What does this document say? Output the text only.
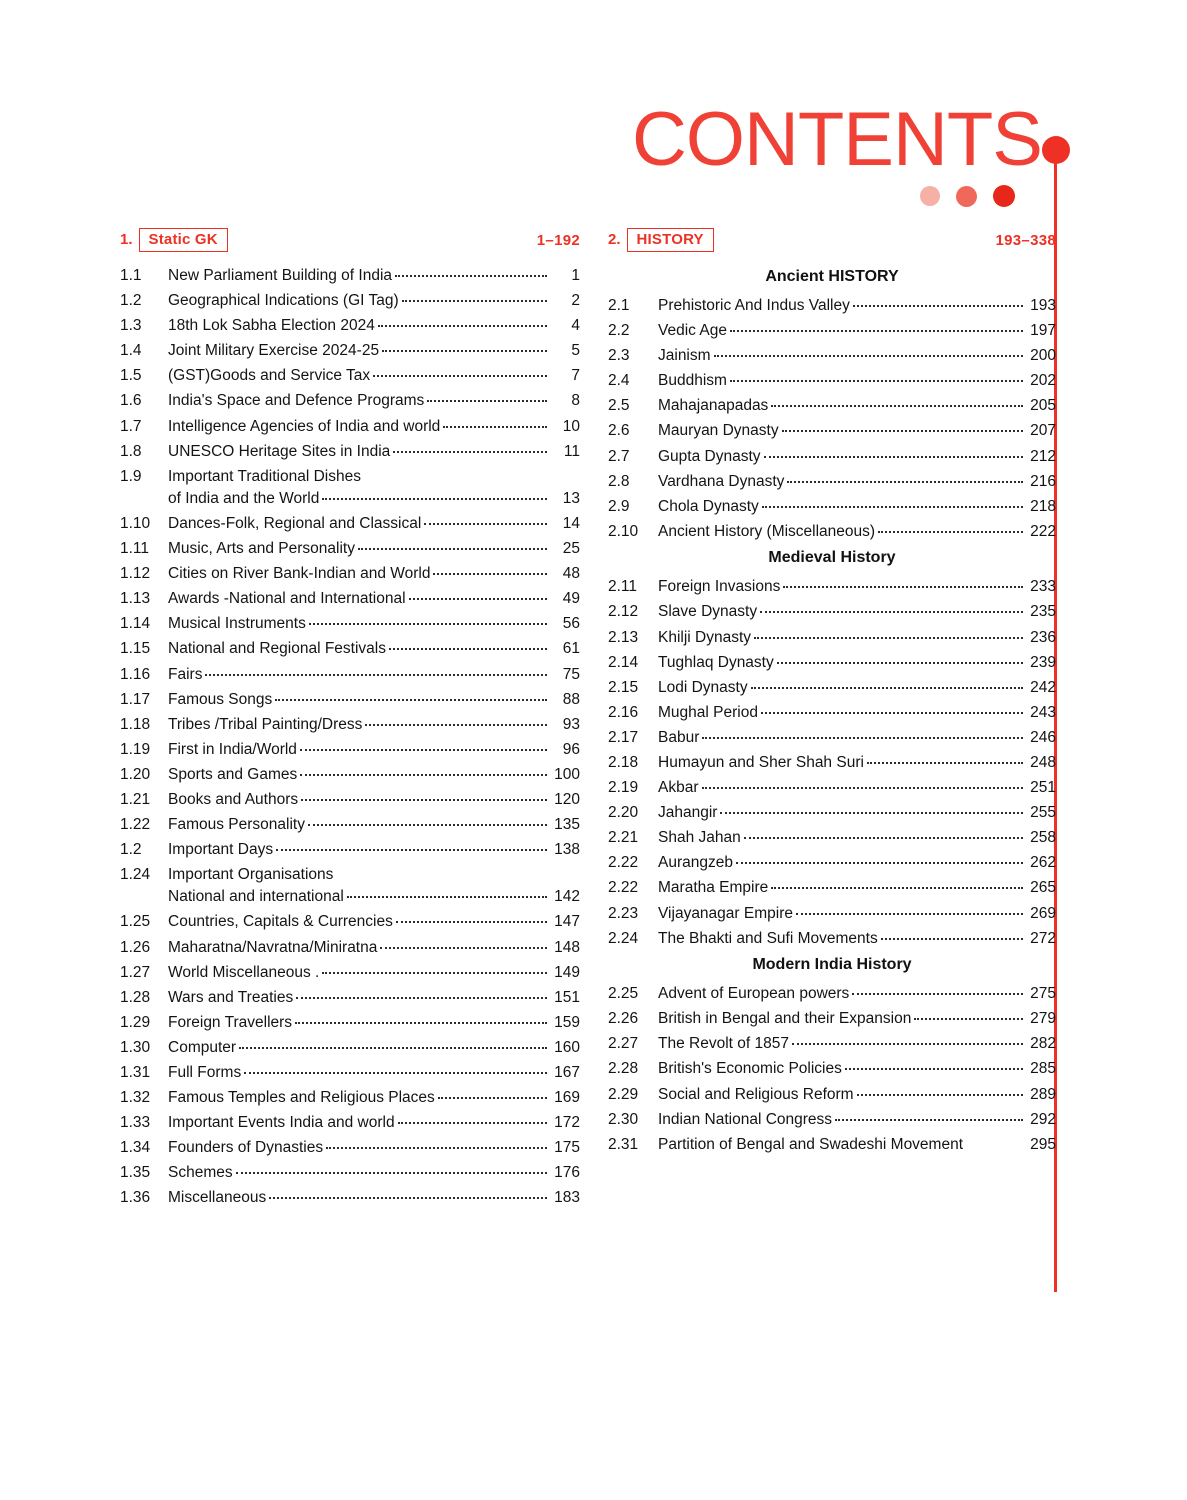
CONTENTS
1.	Static GK	1–192
1.1	New Parliament Building of India	1
1.2	Geographical Indications (GI Tag)	2
1.3	18th Lok Sabha Election 2024	4
1.4	Joint Military Exercise 2024-25	5
1.5	(GST)Goods and Service Tax	7
1.6	India's Space and Defence Programs	8
1.7	Intelligence Agencies of India and world	10
1.8	UNESCO Heritage Sites in India	11
1.9	Important Traditional Dishes
of India and the World	13
1.10	Dances-Folk, Regional and Classical	14
1.11	Music, Arts and Personality	25
1.12	Cities on River Bank-Indian and World	48
1.13	Awards -National and International	49
1.14	Musical Instruments	56
1.15	National and Regional Festivals	61
1.16	Fairs	75
1.17	Famous Songs	88
1.18	Tribes /Tribal Painting/Dress	93
1.19	First in India/World	96
1.20	Sports and Games	100
1.21	Books and Authors	120
1.22	Famous Personality	135
1.2	Important Days	138
1.24	Important Organisations
National and international	142
1.25	Countries, Capitals & Currencies	147
1.26	Maharatna/Navratna/Miniratna	148
1.27	World Miscellaneous .	149
1.28	Wars and Treaties	151
1.29	Foreign Travellers	159
1.30	Computer	160
1.31	Full Forms	167
1.32	Famous Temples and Religious Places	169
1.33	Important Events India and world	172
1.34	Founders of Dynasties	175
1.35	Schemes	176
1.36	Miscellaneous	183
2.	HISTORY	193–338
Ancient HISTORY
2.1	Prehistoric And Indus Valley	193
2.2	Vedic Age	197
2.3	Jainism	200
2.4	Buddhism	202
2.5	Mahajanapadas	205
2.6	Mauryan Dynasty	207
2.7	Gupta Dynasty	212
2.8	Vardhana Dynasty	216
2.9	Chola Dynasty	218
2.10	Ancient History (Miscellaneous)	222
Medieval History
2.11	Foreign Invasions	233
2.12	Slave Dynasty	235
2.13	Khilji Dynasty	236
2.14	Tughlaq Dynasty	239
2.15	Lodi Dynasty	242
2.16	Mughal Period	243
2.17	Babur	246
2.18	Humayun and Sher Shah Suri	248
2.19	Akbar	251
2.20	Jahangir	255
2.21	Shah Jahan	258
2.22	Aurangzeb	262
2.22	Maratha Empire	265
2.23	Vijayanagar Empire	269
2.24	The Bhakti and Sufi Movements	272
Modern India History
2.25	Advent of European powers	275
2.26	British in Bengal and their Expansion	279
2.27	The Revolt of 1857	282
2.28	British's Economic Policies	285
2.29	Social and Religious Reform	289
2.30	Indian National Congress	292
2.31	Partition of Bengal and Swadeshi Movement	295
